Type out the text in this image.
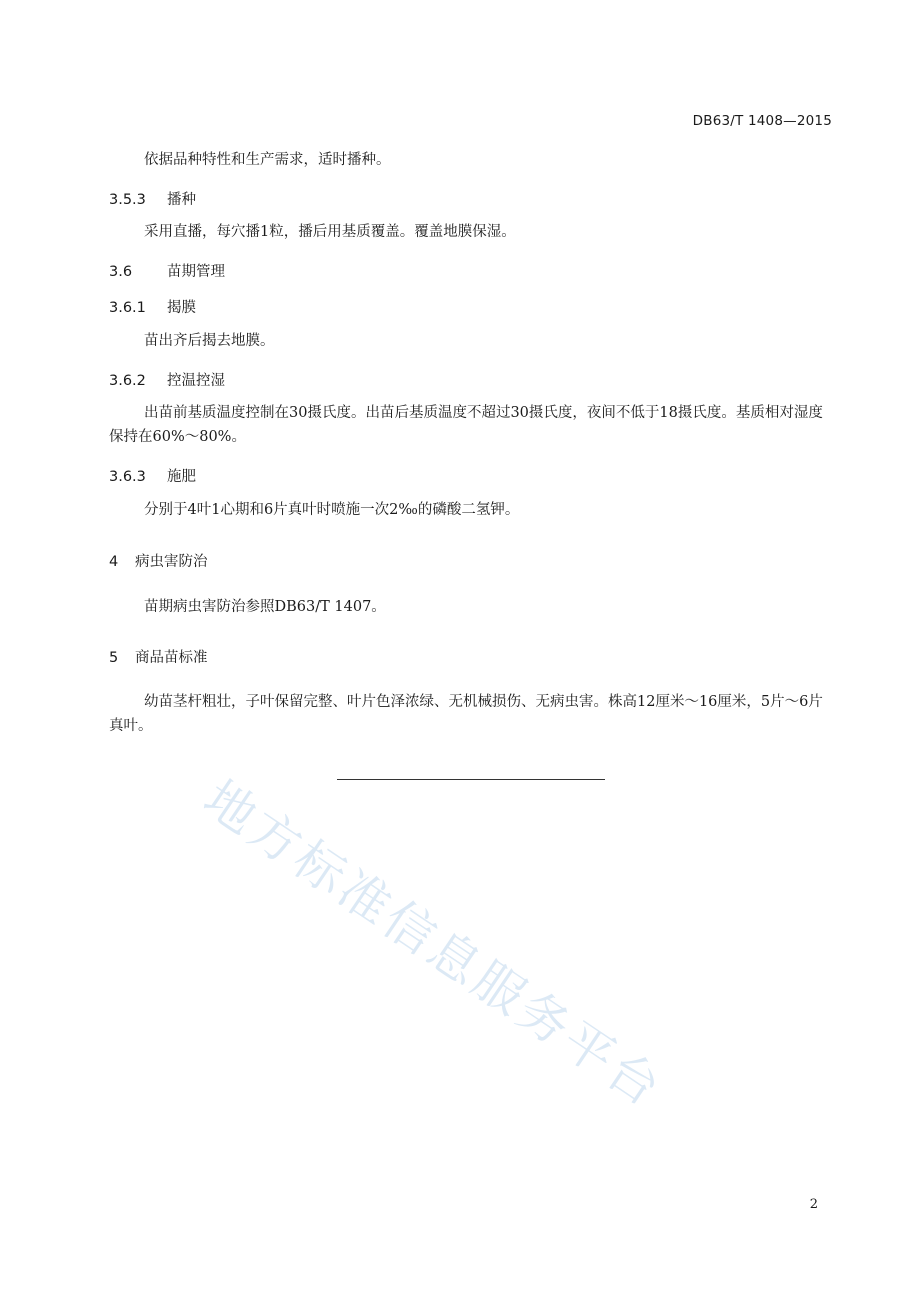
DB63/T 1408—2015
依据品种特性和生产需求，适时播种。
3.5.3 播种
采用直播，每穴播1粒，播后用基质覆盖。覆盖地膜保湿。
3.6 苗期管理
3.6.1 揭膜
苗出齐后揭去地膜。
3.6.2 控温控湿
出苗前基质温度控制在30摄氏度。出苗后基质温度不超过30摄氏度，夜间不低于18摄氏度。基质相对湿度保持在60%～80%。
3.6.3 施肥
分别于4叶1心期和6片真叶时喷施一次2‰的磷酸二氢钾。
4 病虫害防治
苗期病虫害防治参照DB63/T 1407。
5 商品苗标准
幼苗茎杆粗壮，子叶保留完整、叶片色泽浓绿、无机械损伤、无病虫害。株高12厘米～16厘米，5片～6片真叶。
地方标准信息服务平台
2
